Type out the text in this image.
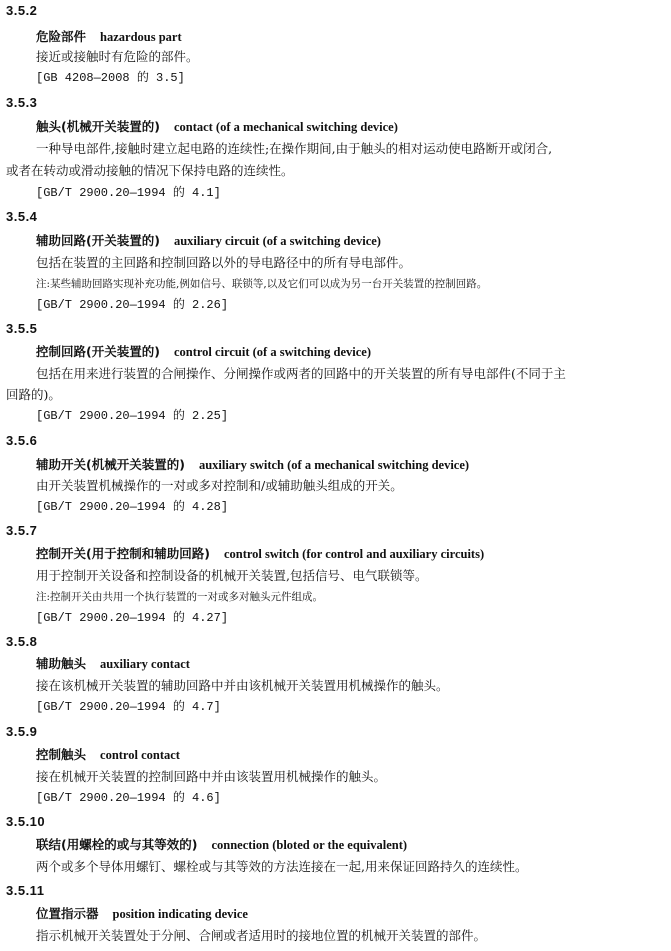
3.5.2
危险部件 hazardous part
接近或接触时有危险的部件。
[GB 4208—2008 的 3.5]
3.5.3
触头(机械开关装置的) contact (of a mechanical switching device)
一种导电部件,接触时建立起电路的连续性;在操作期间,由于触头的相对运动使电路断开或闭合,
或者在转动或滑动接触的情况下保持电路的连续性。
[GB/T 2900.20—1994 的 4.1]
3.5.4
辅助回路(开关装置的) auxiliary circuit (of a switching device)
包括在装置的主回路和控制回路以外的导电路径中的所有导电部件。
注:某些辅助回路实现补充功能,例如信号、联锁等,以及它们可以成为另一台开关装置的控制回路。
[GB/T 2900.20—1994 的 2.26]
3.5.5
控制回路(开关装置的) control circuit (of a switching device)
包括在用来进行装置的合闸操作、分闸操作或两者的回路中的开关装置的所有导电部件(不同于主
回路的)。
[GB/T 2900.20—1994 的 2.25]
3.5.6
辅助开关(机械开关装置的) auxiliary switch (of a mechanical switching device)
由开关装置机械操作的一对或多对控制和/或辅助触头组成的开关。
[GB/T 2900.20—1994 的 4.28]
3.5.7
控制开关(用于控制和辅助回路) control switch (for control and auxiliary circuits)
用于控制开关设备和控制设备的机械开关装置,包括信号、电气联锁等。
注:控制开关由共用一个执行装置的一对或多对触头元件组成。
[GB/T 2900.20—1994 的 4.27]
3.5.8
辅助触头 auxiliary contact
接在该机械开关装置的辅助回路中并由该机械开关装置用机械操作的触头。
[GB/T 2900.20—1994 的 4.7]
3.5.9
控制触头 control contact
接在机械开关装置的控制回路中并由该装置用机械操作的触头。
[GB/T 2900.20—1994 的 4.6]
3.5.10
联结(用螺栓的或与其等效的) connection (bloted or the equivalent)
两个或多个导体用螺钉、螺栓或与其等效的方法连接在一起,用来保证回路持久的连续性。
3.5.11
位置指示器 position indicating device
指示机械开关装置处于分闸、合闸或者适用时的接地位置的机械开关装置的部件。
